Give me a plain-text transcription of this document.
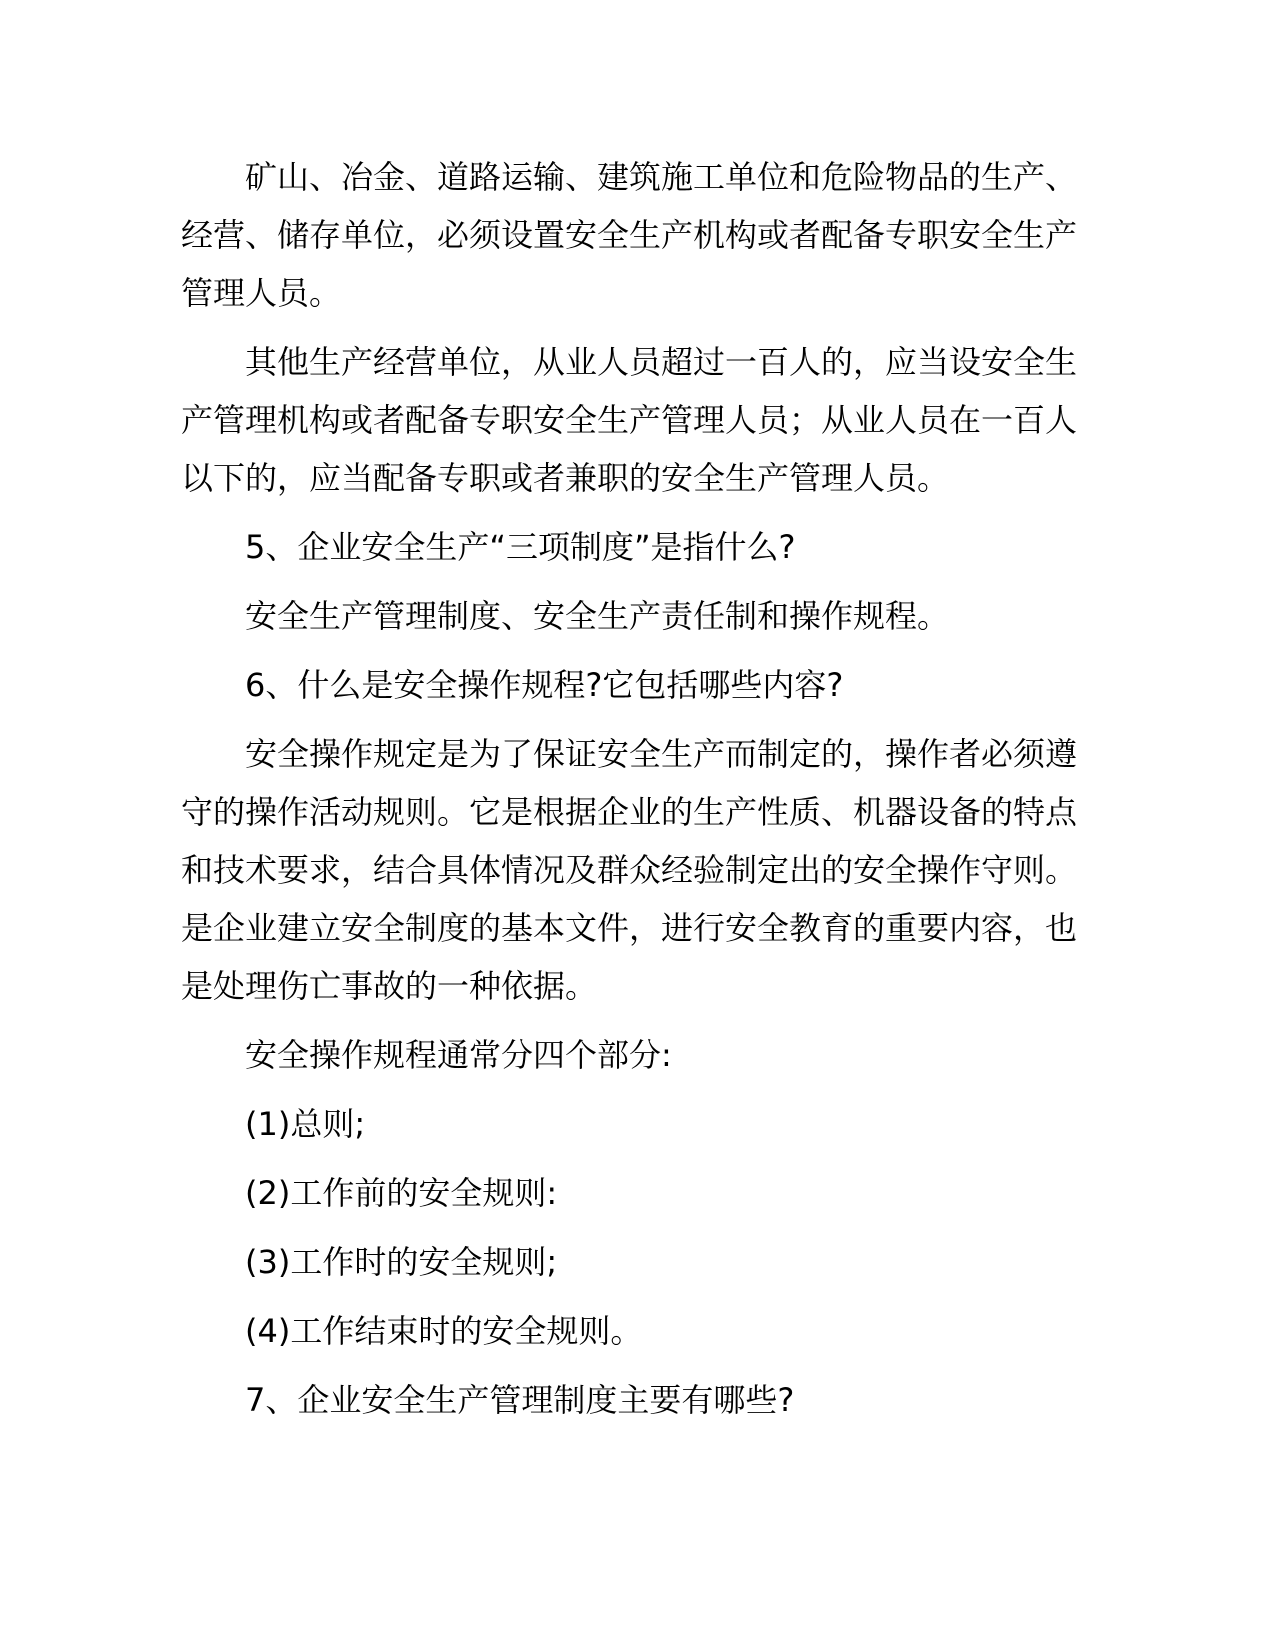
矿山、冶金、道路运输、建筑施工单位和危险物品的生产、经营、储存单位，必须设置安全生产机构或者配备专职安全生产管理人员。

其他生产经营单位，从业人员超过一百人的，应当设安全生产管理机构或者配备专职安全生产管理人员；从业人员在一百人以下的，应当配备专职或者兼职的安全生产管理人员。

5、企业安全生产“三项制度”是指什么?

安全生产管理制度、安全生产责任制和操作规程。

6、什么是安全操作规程?它包括哪些内容?

安全操作规定是为了保证安全生产而制定的，操作者必须遵守的操作活动规则。它是根据企业的生产性质、机器设备的特点和技术要求，结合具体情况及群众经验制定出的安全操作守则。是企业建立安全制度的基本文件，进行安全教育的重要内容，也是处理伤亡事故的一种依据。

安全操作规程通常分四个部分:

(1)总则;

(2)工作前的安全规则:

(3)工作时的安全规则;

(4)工作结束时的安全规则。

7、企业安全生产管理制度主要有哪些?
